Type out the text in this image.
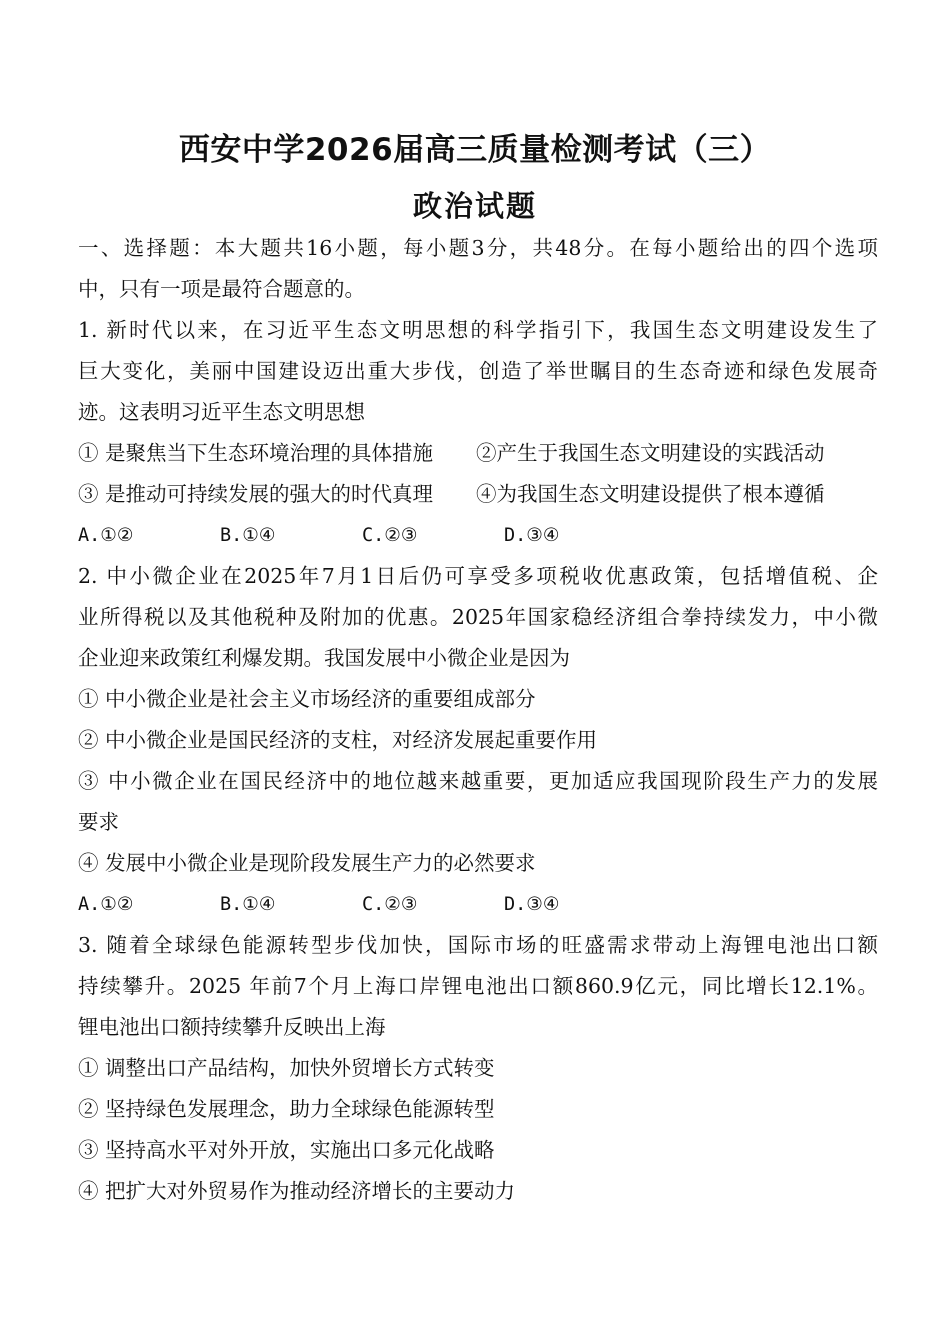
西安中学2026届高三质量检测考试（三）
政治试题
一、选择题：本大题共16小题，每小题3分，共48分。在每小题给出的四个选项
中，只有一项是最符合题意的。
1. 新时代以来，在习近平生态文明思想的科学指引下，我国生态文明建设发生了
巨大变化，美丽中国建设迈出重大步伐，创造了举世瞩目的生态奇迹和绿色发展奇
迹。这表明习近平生态文明思想
① 是聚焦当下生态环境治理的具体措施	②产生于我国生态文明建设的实践活动
③ 是推动可持续发展的强大的时代真理	④为我国生态文明建设提供了根本遵循
A.①②	B.①④	C.②③	D.③④
2. 中小微企业在2025年7月1日后仍可享受多项税收优惠政策，包括增值税、企
业所得税以及其他税种及附加的优惠。2025年国家稳经济组合拳持续发力，中小微
企业迎来政策红利爆发期。我国发展中小微企业是因为
① 中小微企业是社会主义市场经济的重要组成部分
② 中小微企业是国民经济的支柱，对经济发展起重要作用
③ 中小微企业在国民经济中的地位越来越重要，更加适应我国现阶段生产力的发展
要求
④ 发展中小微企业是现阶段发展生产力的必然要求
A.①②	B.①④	C.②③	D.③④
3. 随着全球绿色能源转型步伐加快，国际市场的旺盛需求带动上海锂电池出口额
持续攀升。2025 年前7个月上海口岸锂电池出口额860.9亿元，同比增长12.1%。
锂电池出口额持续攀升反映出上海
① 调整出口产品结构，加快外贸增长方式转变
② 坚持绿色发展理念，助力全球绿色能源转型
③ 坚持高水平对外开放，实施出口多元化战略
④ 把扩大对外贸易作为推动经济增长的主要动力
